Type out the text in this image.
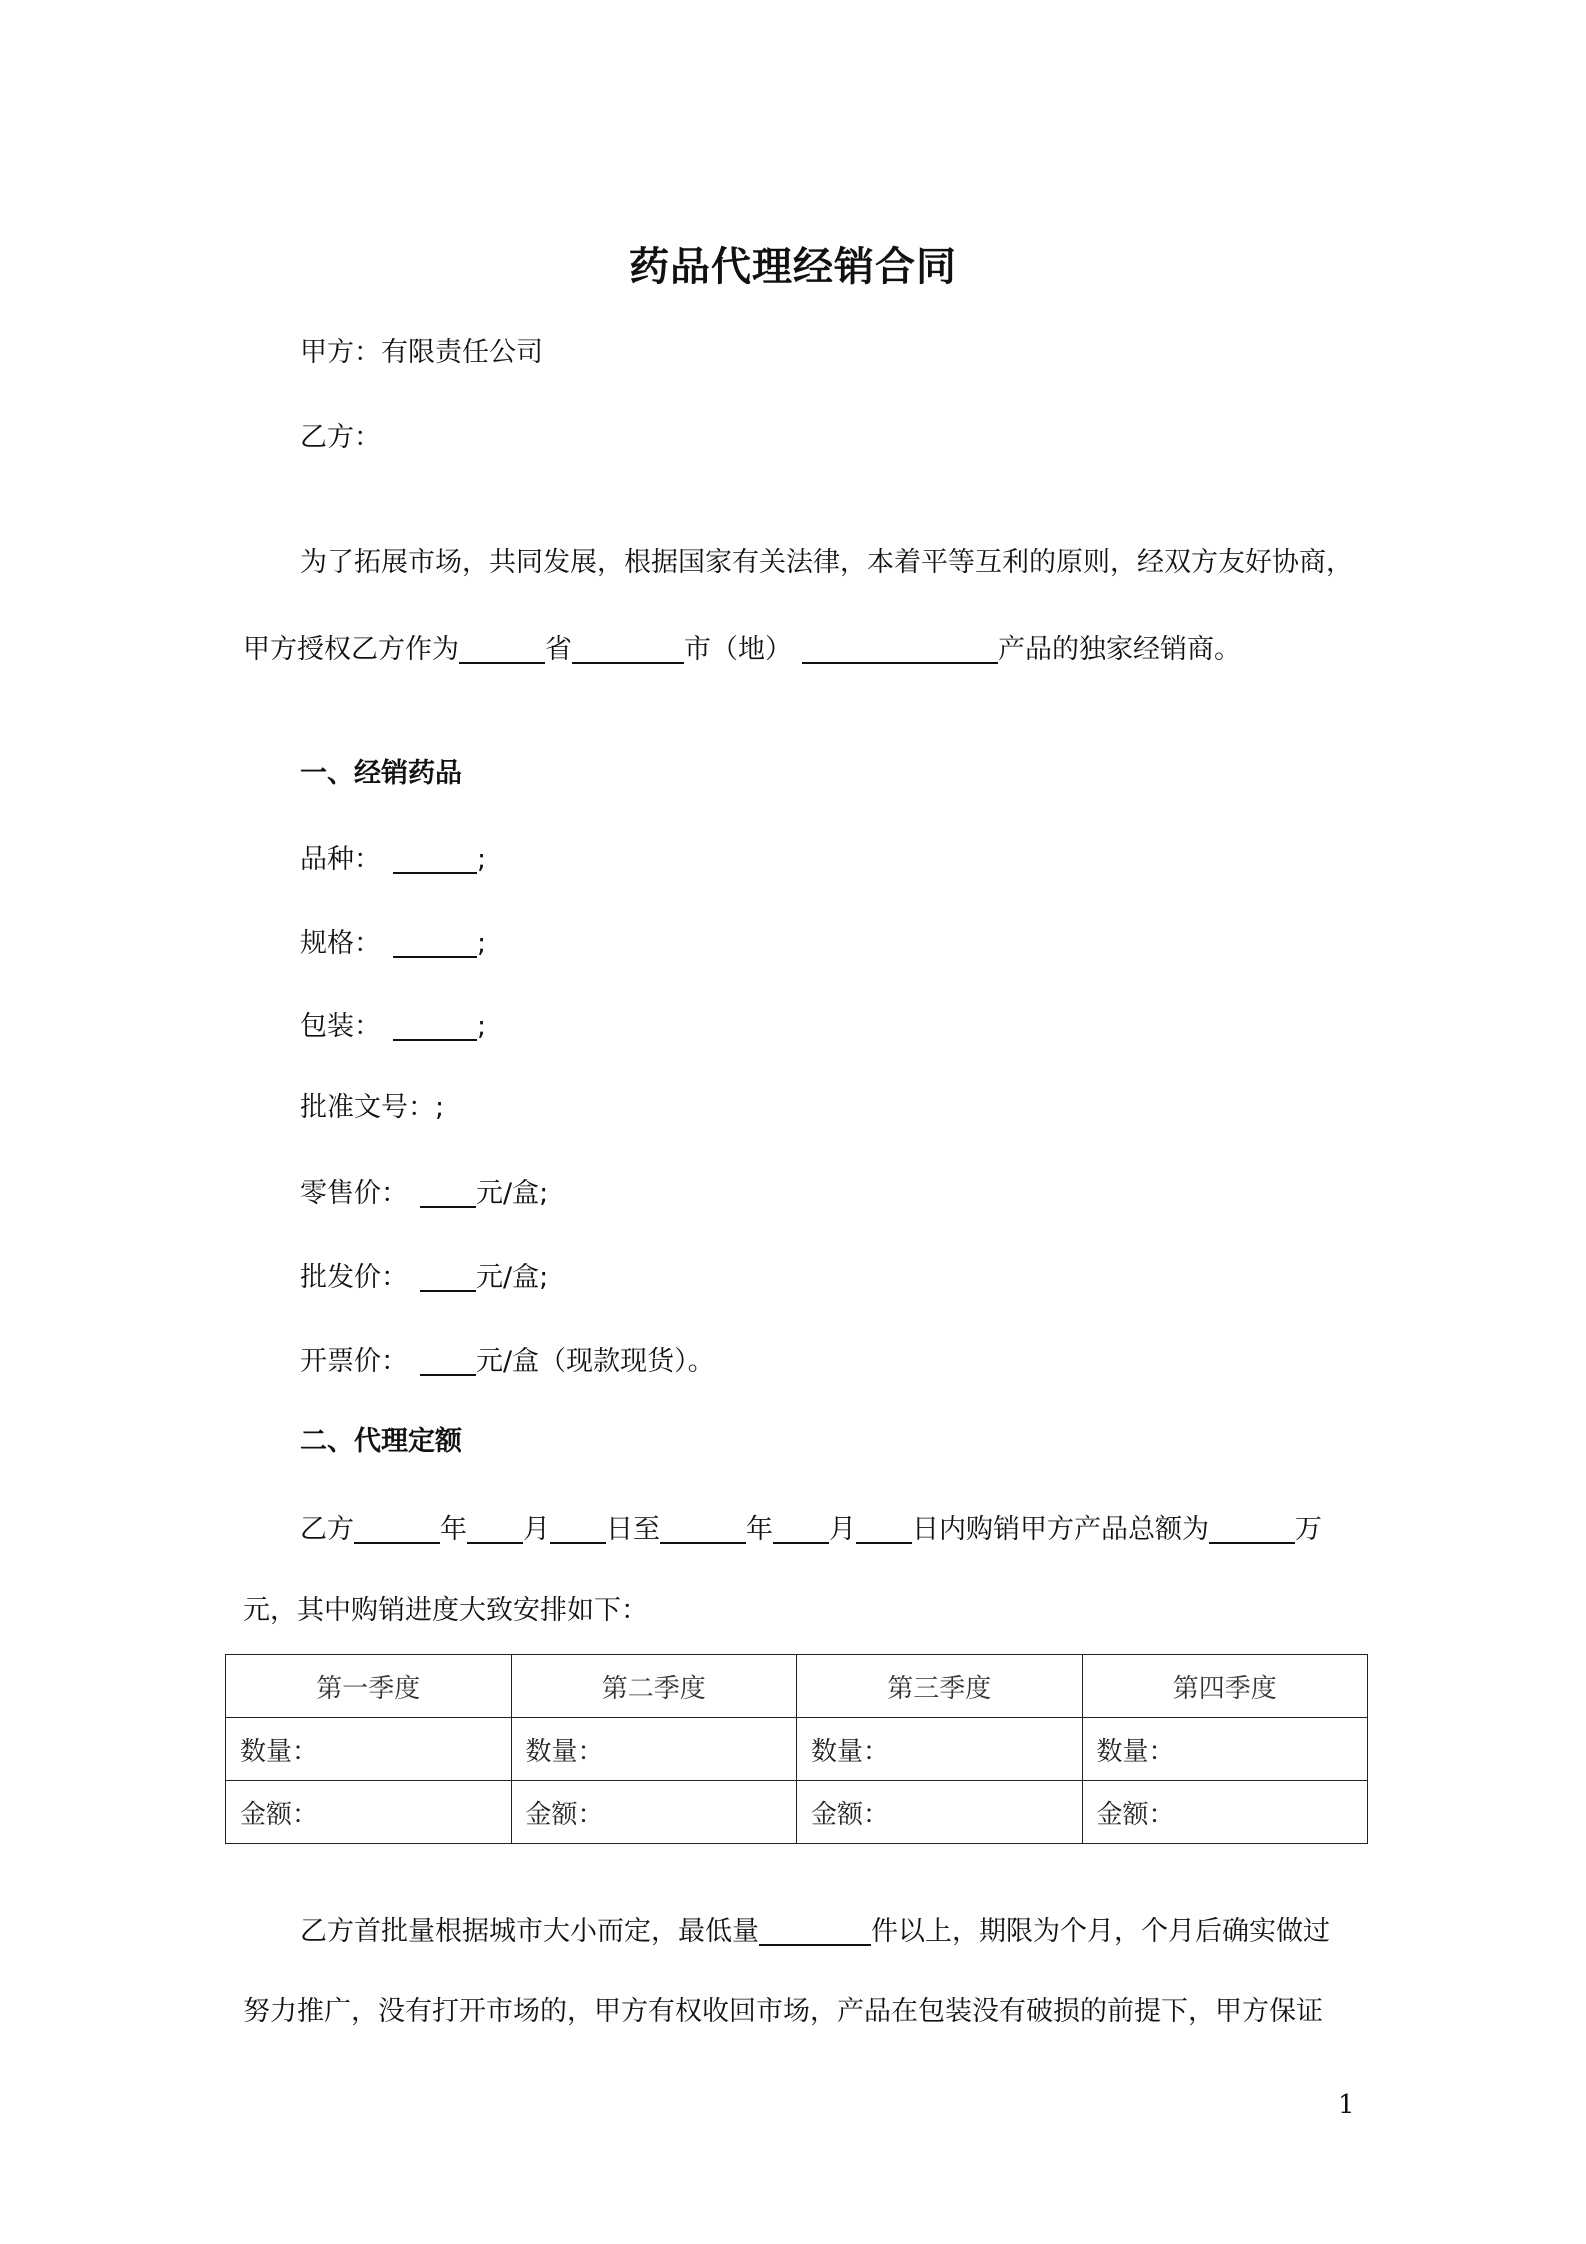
药品代理经销合同
甲方：有限责任公司
乙方：
为了拓展市场，共同发展，根据国家有关法律，本着平等互利的原则，经双方友好协商，
甲方授权乙方作为	省	市（地）	产品的独家经销商。
一、经销药品
品种：	;
规格：	;
包装：	;
批准文号：;
零售价：	元/盒;
批发价：	元/盒;
开票价：	元/盒（现款现货）。
二、代理定额
乙方	年 月 日至	年 月 日内购销甲方产品总额为	万
元，其中购销进度大致安排如下：
第一季度	第二季度	第三季度	第四季度
数量：	数量：	数量：	数量：
金额：	金额：	金额：	金额：
乙方首批量根据城市大小而定，最低量	件以上，期限为个月，个月后确实做过
努力推广，没有打开市场的，甲方有权收回市场，产品在包装没有破损的前提下，甲方保证
1
